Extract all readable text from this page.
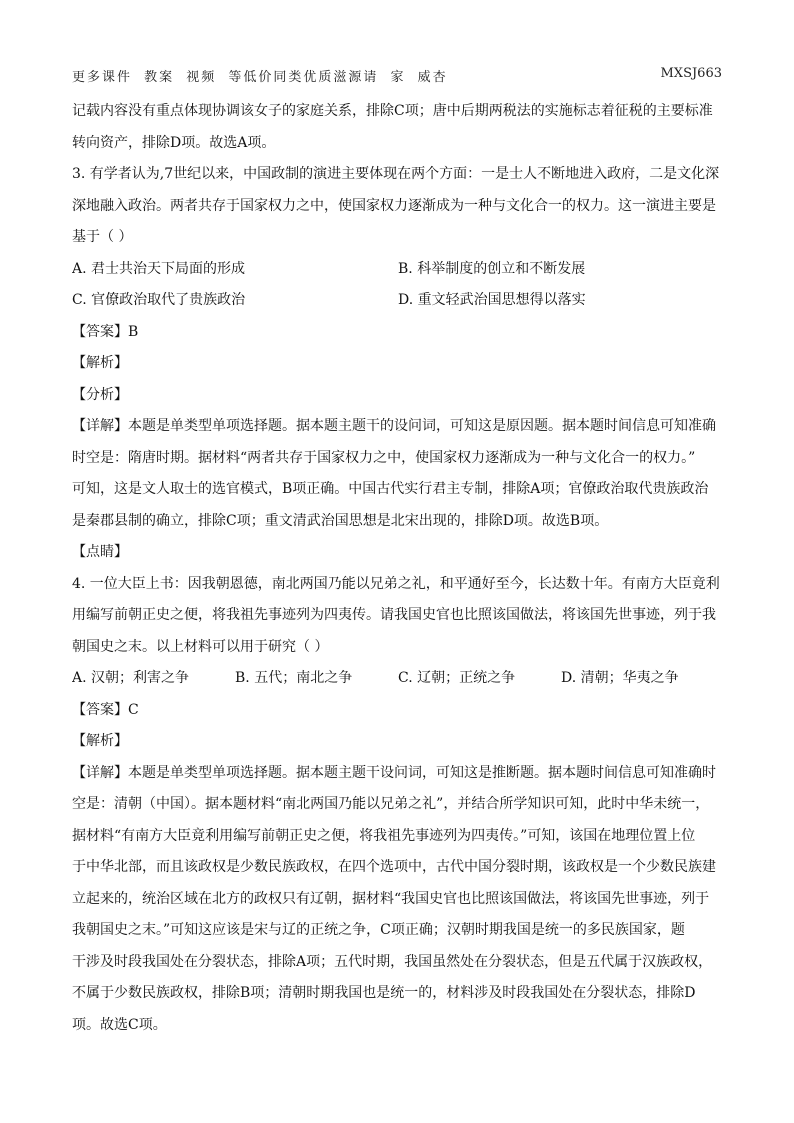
更多课件 教案 视频 等低价同类优质滋源请 家 威杏	MXSJ663
记载内容没有重点体现协调该女子的家庭关系，排除C项；唐中后期两税法的实施标志着征税的主要标准
转向资产，排除D项。故选A项。
3. 有学者认为,7世纪以来，中国政制的演进主要体现在两个方面：一是士人不断地进入政府，二是文化深
深地融入政治。两者共存于国家权力之中，使国家权力逐渐成为一种与文化合一的权力。这一演进主要是
基于（ ）
A. 君士共治天下局面的形成	B. 科举制度的创立和不断发展
C. 官僚政治取代了贵族政治	D. 重文轻武治国思想得以落实
【答案】B
【解析】
【分析】
【详解】本题是单类型单项选择题。据本题主题干的设问词，可知这是原因题。据本题时间信息可知准确
时空是：隋唐时期。据材料“两者共存于国家权力之中，使国家权力逐渐成为一种与文化合一的权力。”
可知，这是文人取士的选官模式，B项正确。中国古代实行君主专制，排除A项；官僚政治取代贵族政治
是秦郡县制的确立，排除C项；重文清武治国思想是北宋出现的，排除D项。故选B项。
【点睛】
4. 一位大臣上书：因我朝恩德，南北两国乃能以兄弟之礼，和平通好至今，长达数十年。有南方大臣竟利
用编写前朝正史之便，将我祖先事迹列为四夷传。请我国史官也比照该国做法，将该国先世事迹，列于我
朝国史之末。以上材料可以用于研究（ ）
A. 汉朝；利害之争	B. 五代；南北之争	C. 辽朝；正统之争	D. 清朝；华夷之争
【答案】C
【解析】
【详解】本题是单类型单项选择题。据本题主题干设问词，可知这是推断题。据本题时间信息可知准确时
空是：清朝（中国）。据本题材料“南北两国乃能以兄弟之礼”，并结合所学知识可知，此时中华未统一，
据材料“有南方大臣竟利用编写前朝正史之便，将我祖先事迹列为四夷传。”可知，该国在地理位置上位
于中华北部，而且该政权是少数民族政权，在四个选项中，古代中国分裂时期，该政权是一个少数民族建
立起来的，统治区域在北方的政权只有辽朝，据材料“我国史官也比照该国做法，将该国先世事迹，列于
我朝国史之末。”可知这应该是宋与辽的正统之争，C项正确；汉朝时期我国是统一的多民族国家，题
干涉及时段我国处在分裂状态，排除A项；五代时期，我国虽然处在分裂状态，但是五代属于汉族政权，
不属于少数民族政权，排除B项；清朝时期我国也是统一的，材料涉及时段我国处在分裂状态，排除D
项。故选C项。
